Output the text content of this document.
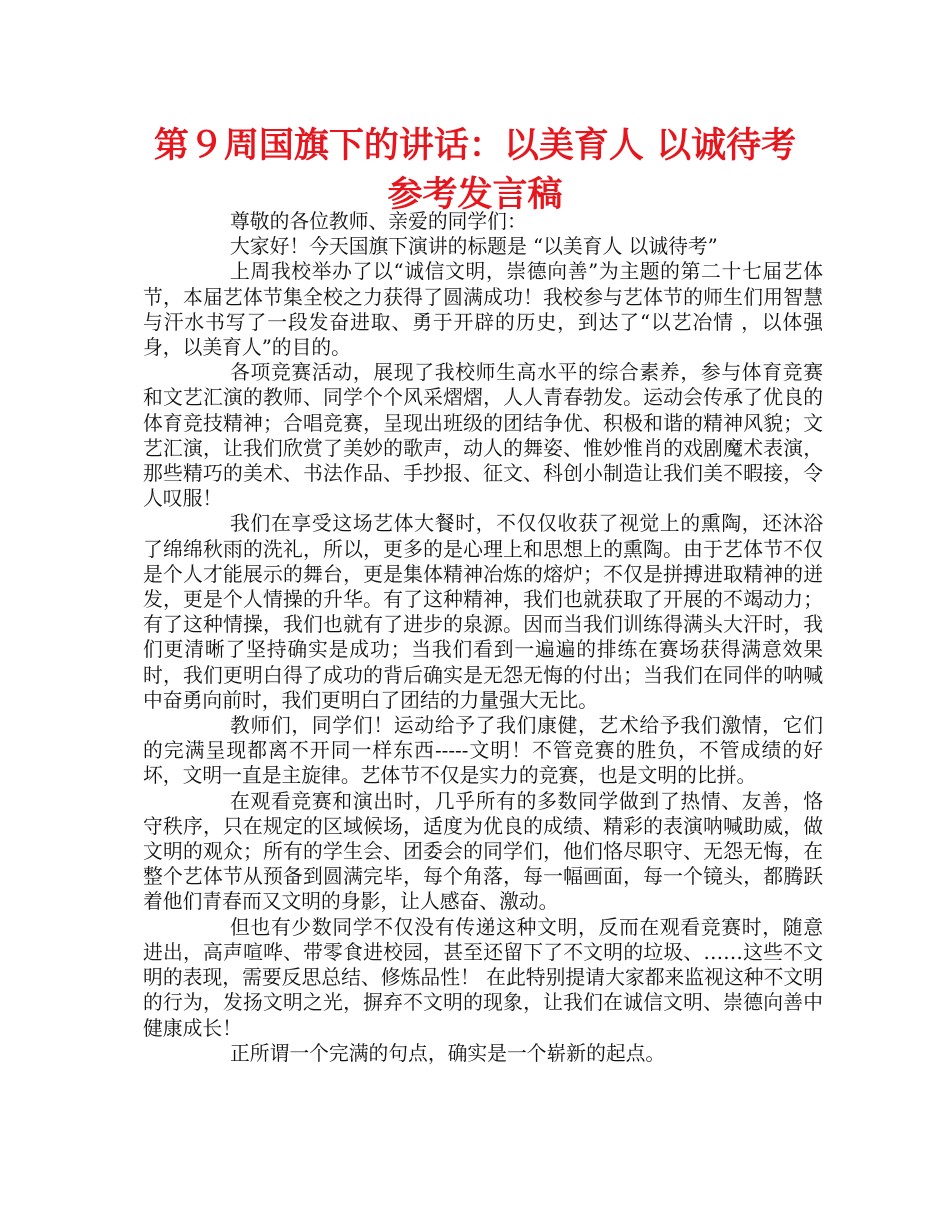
第９周国旗下的讲话：以美育人 以诚待考
参考发言稿

尊敬的各位教师、亲爱的同学们：

大家好！今天国旗下演讲的标题是 “以美育人 以诚待考”

上周我校举办了以“诚信文明，崇德向善”为主题的第二十七届艺体节，本届艺体节集全校之力获得了圆满成功！我校参与艺体节的师生们用智慧与汗水书写了一段发奋进取、勇于开辟的历史，到达了“以艺冶情 ，以体强身，以美育人”的目的。

各项竞赛活动，展现了我校师生高水平的综合素养，参与体育竞赛和文艺汇演的教师、同学个个风采熠熠，人人青春勃发。运动会传承了优良的体育竞技精神；合唱竞赛，呈现出班级的团结争优、积极和谐的精神风貌；文艺汇演，让我们欣赏了美妙的歌声，动人的舞姿、惟妙惟肖的戏剧魔术表演，那些精巧的美术、书法作品、手抄报、征文、科创小制造让我们美不暇接，令人叹服！

我们在享受这场艺体大餐时，不仅仅收获了视觉上的熏陶，还沐浴了绵绵秋雨的洗礼，所以，更多的是心理上和思想上的熏陶。由于艺体节不仅是个人才能展示的舞台，更是集体精神冶炼的熔炉；不仅是拼搏进取精神的迸发，更是个人情操的升华。有了这种精神，我们也就获取了开展的不竭动力；有了这种情操，我们也就有了进步的泉源。因而当我们训练得满头大汗时，我们更清晰了坚持确实是成功；当我们看到一遍遍的排练在赛场获得满意效果时，我们更明白得了成功的背后确实是无怨无悔的付出；当我们在同伴的呐喊中奋勇向前时，我们更明白了团结的力量强大无比。

教师们，同学们！运动给予了我们康健，艺术给予我们激情，它们的完满呈现都离不开同一样东西-----文明！不管竞赛的胜负，不管成绩的好坏，文明一直是主旋律。艺体节不仅是实力的竞赛，也是文明的比拼。

在观看竞赛和演出时，几乎所有的多数同学做到了热情、友善，恪守秩序，只在规定的区域候场，适度为优良的成绩、精彩的表演呐喊助威，做文明的观众；所有的学生会、团委会的同学们，他们恪尽职守、无怨无悔，在整个艺体节从预备到圆满完毕，每个角落，每一幅画面，每一个镜头，都腾跃着他们青春而又文明的身影，让人感奋、激动。

但也有少数同学不仅没有传递这种文明，反而在观看竞赛时，随意进出，高声喧哗、带零食进校园，甚至还留下了不文明的垃圾、……这些不文明的表现，需要反思总结、修炼品性！ 在此特别提请大家都来监视这种不文明的行为，发扬文明之光，摒弃不文明的现象，让我们在诚信文明、崇德向善中健康成长！

正所谓一个完满的句点，确实是一个崭新的起点。
